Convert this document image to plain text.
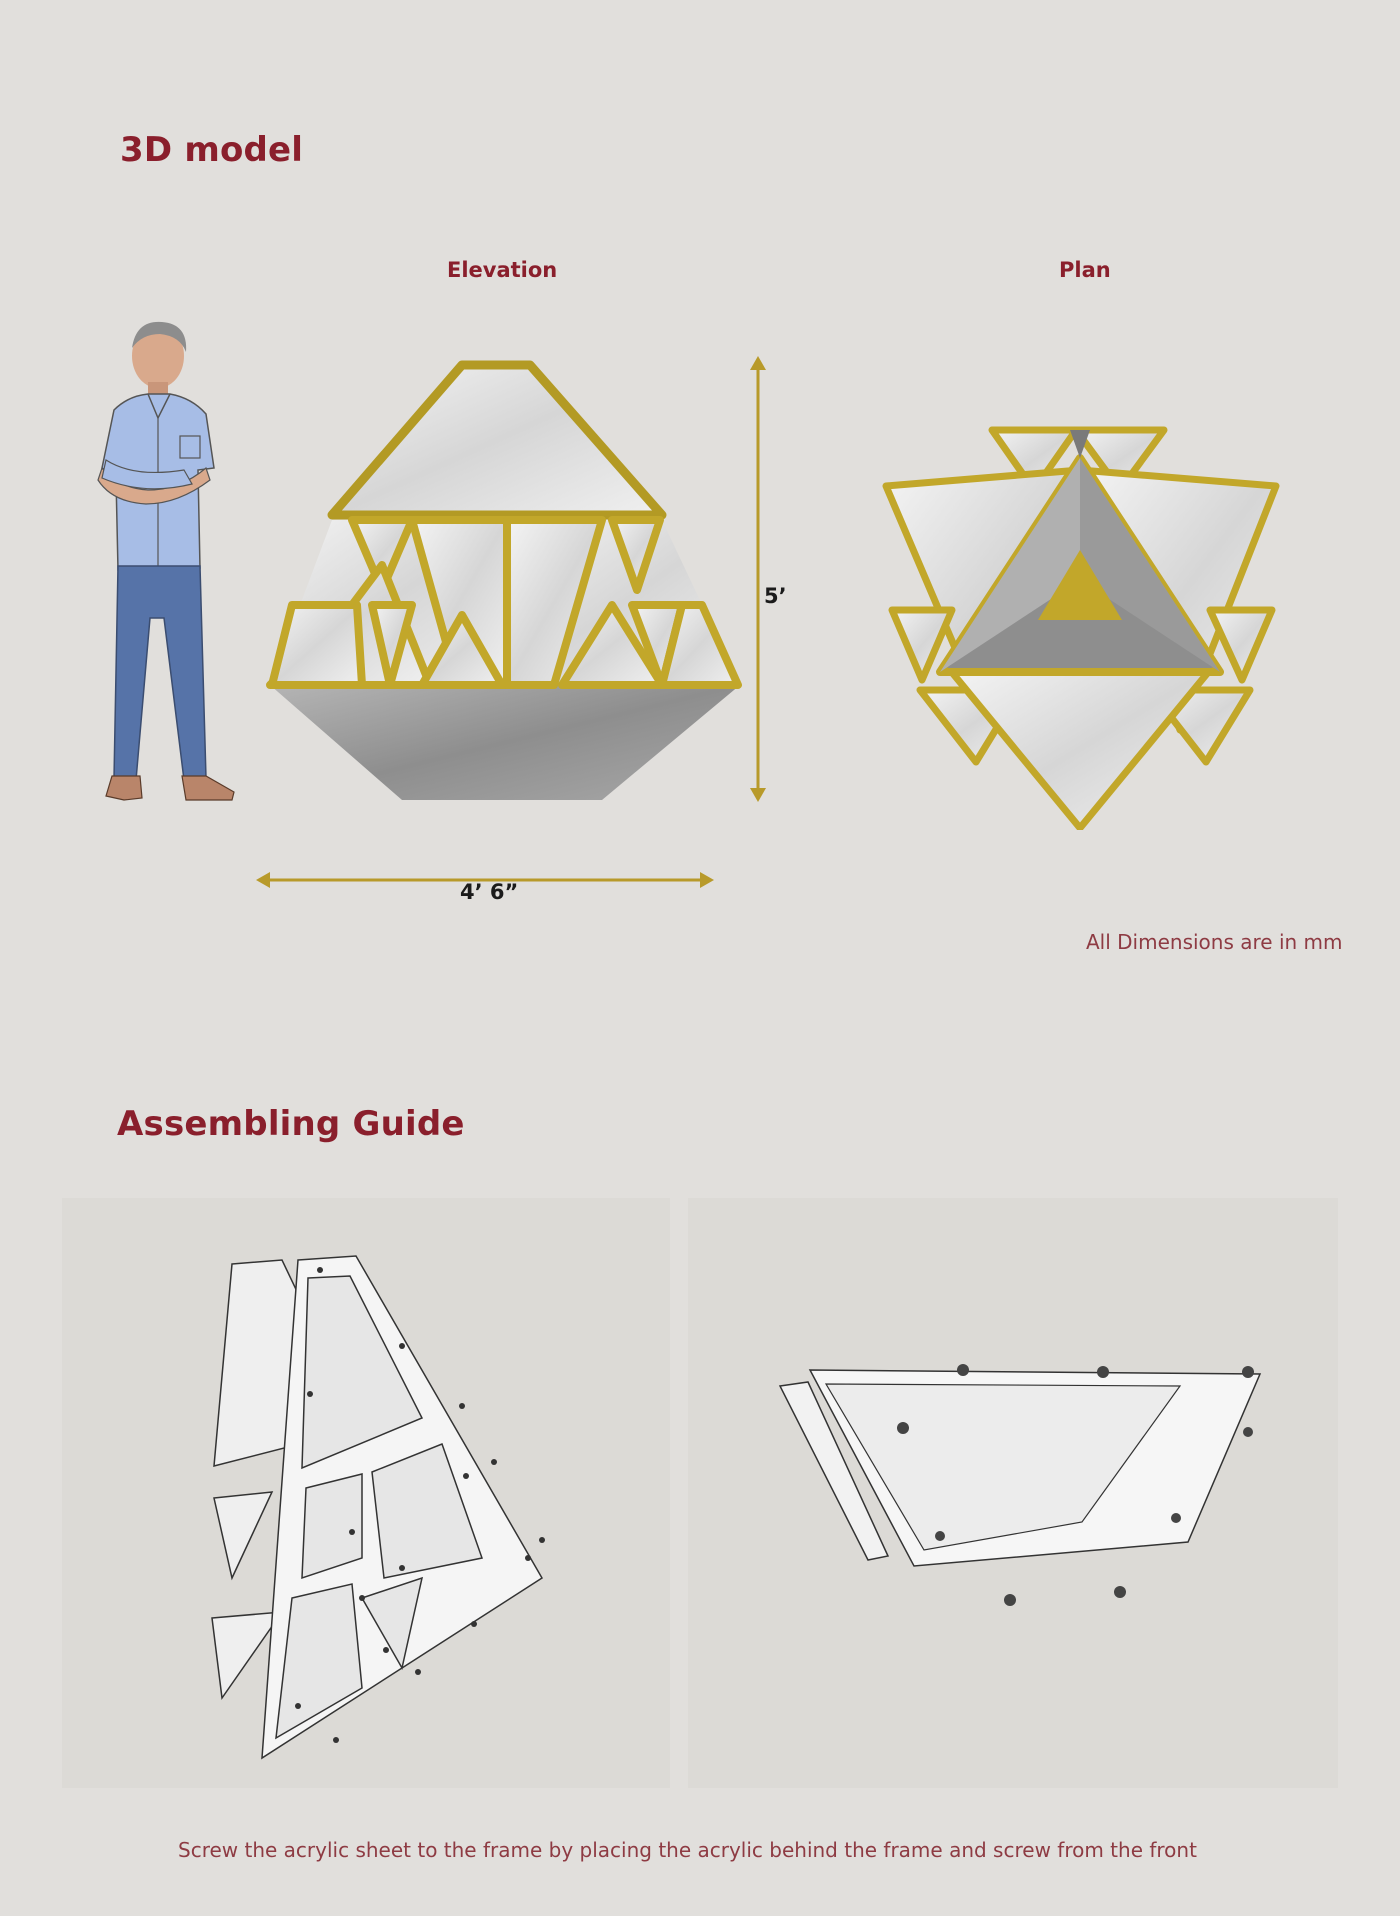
3D model
Elevation	Plan
5’
4’ 6”
All Dimensions are in mm
Assembling Guide
Screw the acrylic sheet to the frame by placing the acrylic behind the frame and screw from the front
